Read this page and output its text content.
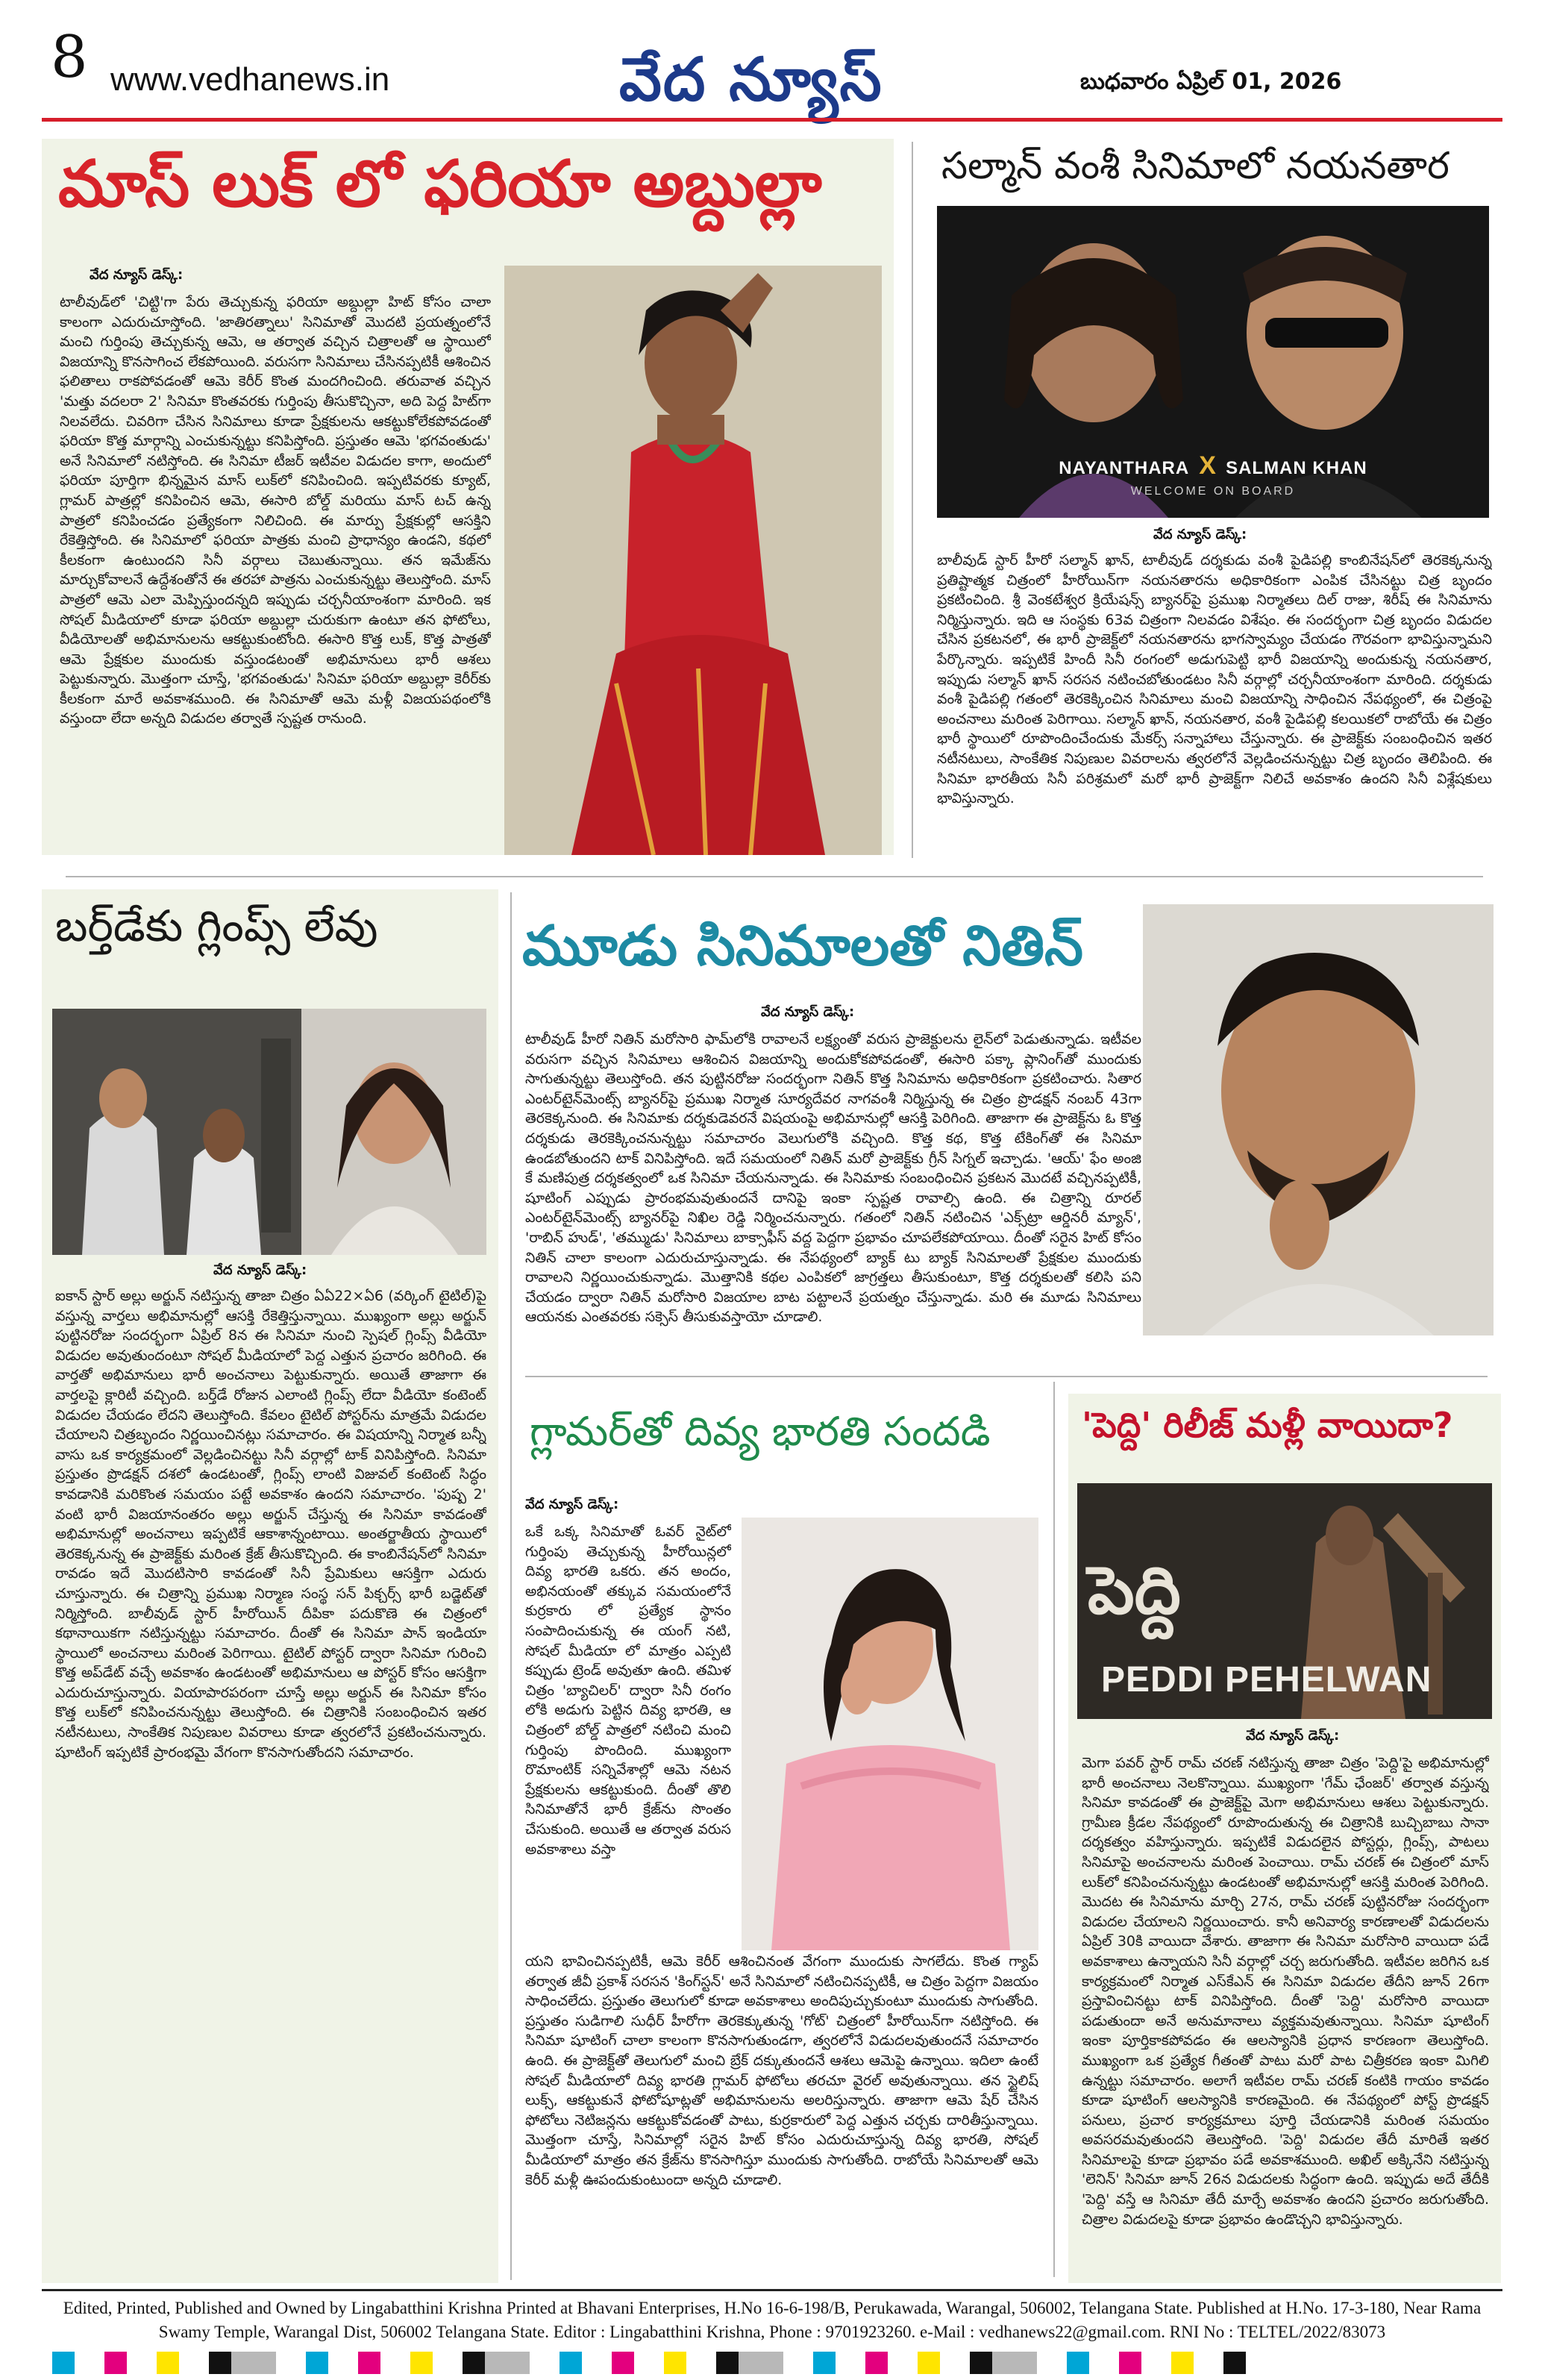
8 www.vedhanews.in	వేద న్యూస్	బుధవారం ఏప్రిల్ 01, 2026
మాస్ లుక్ లో ఫరియా అబ్దుల్లా
వేద న్యూస్ డెస్క్:
టాలీవుడ్‌లో 'చిట్టి'గా పేరు తెచ్చుకున్న ఫరియా అబ్దుల్లా హిట్ కోసం చాలా కాలంగా ఎదురుచూస్తోంది. 'జాతిరత్నాలు' సినిమాతో మొదటి ప్రయత్నంలోనే మంచి గుర్తింపు తెచ్చుకున్న ఆమె, ఆ తర్వాత వచ్చిన చిత్రాలతో ఆ స్థాయిలో విజయాన్ని కొనసాగించ లేకపోయింది. వరుసగా సినిమాలు చేసినప్పటికీ ఆశించిన ఫలితాలు రాకపోవడంతో ఆమె కెరీర్ కొంత మందగించింది. తరువాత వచ్చిన 'మత్తు వదలరా 2' సినిమా కొంతవరకు గుర్తింపు తీసుకొచ్చినా, అది పెద్ద హిట్‌గా నిలవలేదు. చివరిగా చేసిన సినిమాలు కూడా ప్రేక్షకులను ఆకట్టుకోలేకపోవడంతో ఫరియా కొత్త మార్గాన్ని ఎంచుకున్నట్టు కనిపిస్తోంది. ప్రస్తుతం ఆమె 'భగవంతుడు' అనే సినిమాలో నటిస్తోంది. ఈ సినిమా టీజర్ ఇటీవల విడుదల కాగా, అందులో ఫరియా పూర్తిగా భిన్నమైన మాస్ లుక్‌లో కనిపించింది. ఇప్పటివరకు క్యూట్, గ్లామర్ పాత్రల్లో కనిపించిన ఆమె, ఈసారి బోల్డ్ మరియు మాస్ టచ్ ఉన్న పాత్రలో కనిపించడం ప్రత్యేకంగా నిలిచింది. ఈ మార్పు ప్రేక్షకుల్లో ఆసక్తిని రేకెత్తిస్తోంది. ఈ సినిమాలో ఫరియా పాత్రకు మంచి ప్రాధాన్యం ఉండని, కథలో కీలకంగా ఉంటుందని సినీ వర్గాలు చెబుతున్నాయి. తన ఇమేజ్‌ను మార్చుకోవాలనే ఉద్దేశంతోనే ఈ తరహా పాత్రను ఎంచుకున్నట్టు తెలుస్తోంది. మాస్ పాత్రలో ఆమె ఎలా మెప్పిస్తుందన్నది ఇప్పుడు చర్చనీయాంశంగా మారింది. ఇక సోషల్ మీడియాలో కూడా ఫరియా అబ్దుల్లా చురుకుగా ఉంటూ తన ఫోటోలు, వీడియోలతో అభిమానులను ఆకట్టుకుంటోంది. ఈసారి కొత్త లుక్, కొత్త పాత్రతో ఆమె ప్రేక్షకుల ముందుకు వస్తుండటంతో అభిమానులు భారీ ఆశలు పెట్టుకున్నారు. మొత్తంగా చూస్తే, 'భగవంతుడు' సినిమా ఫరియా అబ్దుల్లా కెరీర్‌కు కీలకంగా మారే అవకాశముంది. ఈ సినిమాతో ఆమె మళ్లీ విజయపథంలోకి వస్తుందా లేదా అన్నది విడుదల తర్వాతే స్పష్టత రానుంది.
సల్మాన్ వంశీ సినిమాలో నయనతార
NAYANTHARA X SALMAN KHAN
WELCOME ON BOARD
వేద న్యూస్ డెస్క్:
బాలీవుడ్ స్టార్ హీరో సల్మాన్ ఖాన్, టాలీవుడ్ దర్శకుడు వంశీ పైడిపల్లి కాంబినేషన్‌లో తెరకెక్కనున్న ప్రతిష్టాత్మక చిత్రంలో హీరోయిన్‌గా నయనతారను అధికారికంగా ఎంపిక చేసినట్టు చిత్ర బృందం ప్రకటించింది. శ్రీ వెంకటేశ్వర క్రియేషన్స్ బ్యానర్‌పై ప్రముఖ నిర్మాతలు దిల్ రాజు, శిరీష్ ఈ సినిమాను నిర్మిస్తున్నారు. ఇది ఆ సంస్థకు 63వ చిత్రంగా నిలవడం విశేషం. ఈ సందర్భంగా చిత్ర బృందం విడుదల చేసిన ప్రకటనలో, ఈ భారీ ప్రాజెక్ట్‌లో నయనతారను భాగస్వామ్యం చేయడం గౌరవంగా భావిస్తున్నామని పేర్కొన్నారు. ఇప్పటికే హిందీ సినీ రంగంలో అడుగుపెట్టి భారీ విజయాన్ని అందుకున్న నయనతార, ఇప్పుడు సల్మాన్ ఖాన్ సరసన నటించబోతుండటం సినీ వర్గాల్లో చర్చనీయాంశంగా మారింది. దర్శకుడు వంశీ పైడిపల్లి గతంలో తెరకెక్కించిన సినిమాలు మంచి విజయాన్ని సాధించిన నేపథ్యంలో, ఈ చిత్రంపై అంచనాలు మరింత పెరిగాయి. సల్మాన్ ఖాన్, నయనతార, వంశీ పైడిపల్లి కలయికలో రాబోయే ఈ చిత్రం భారీ స్థాయిలో రూపొందించేందుకు మేకర్స్ సన్నాహాలు చేస్తున్నారు. ఈ ప్రాజెక్ట్‌కు సంబంధించిన ఇతర నటీనటులు, సాంకేతిక నిపుణుల వివరాలను త్వరలోనే వెల్లడించనున్నట్టు చిత్ర బృందం తెలిపింది. ఈ సినిమా భారతీయ సినీ పరిశ్రమలో మరో భారీ ప్రాజెక్ట్‌గా నిలిచే అవకాశం ఉందని సినీ విశ్లేషకులు భావిస్తున్నారు.
బర్త్‌డేకు గ్లింప్స్ లేవు
వేద న్యూస్ డెస్క్:
ఐకాన్ స్టార్ అల్లు అర్జున్ నటిస్తున్న తాజా చిత్రం ఏఏ22×ఏ6 (వర్కింగ్ టైటిల్)పై వస్తున్న వార్తలు అభిమానుల్లో ఆసక్తి రేకెత్తిస్తున్నాయి. ముఖ్యంగా అల్లు అర్జున్ పుట్టినరోజు సందర్భంగా ఏప్రిల్ 8న ఈ సినిమా నుంచి స్పెషల్ గ్లింప్స్ వీడియో విడుదల అవుతుందంటూ సోషల్ మీడియాలో పెద్ద ఎత్తున ప్రచారం జరిగింది. ఈ వార్తతో అభిమానులు భారీ అంచనాలు పెట్టుకున్నారు. అయితే తాజాగా ఈ వార్తలపై క్లారిటీ వచ్చింది. బర్త్‌డే రోజున ఎలాంటి గ్లింప్స్ లేదా వీడియో కంటెంట్ విడుదల చేయడం లేదని తెలుస్తోంది. కేవలం టైటిల్ పోస్టర్‌ను మాత్రమే విడుదల చేయాలని చిత్రబృందం నిర్ణయించినట్లు సమాచారం. ఈ విషయాన్ని నిర్మాత బన్నీ వాసు ఒక కార్యక్రమంలో వెల్లడించినట్టు సినీ వర్గాల్లో టాక్ వినిపిస్తోంది. సినిమా ప్రస్తుతం ప్రొడక్షన్ దశలో ఉండటంతో, గ్లింప్స్ లాంటి విజువల్ కంటెంట్ సిద్ధం కావడానికి మరికొంత సమయం పట్టే అవకాశం ఉందని సమాచారం. 'పుష్ప 2' వంటి భారీ విజయానంతరం అల్లు అర్జున్ చేస్తున్న ఈ సినిమా కావడంతో అభిమానుల్లో అంచనాలు ఇప్పటికే ఆకాశాన్నంటాయి. అంతర్జాతీయ స్థాయిలో తెరకెక్కనున్న ఈ ప్రాజెక్ట్‌కు మరింత క్రేజ్ తీసుకొచ్చింది. ఈ కాంబినేషన్‌లో సినిమా రావడం ఇదే మొదటిసారి కావడంతో సినీ ప్రేమికులు ఆసక్తిగా ఎదురు చూస్తున్నారు. ఈ చిత్రాన్ని ప్రముఖ నిర్మాణ సంస్థ సన్ పిక్చర్స్ భారీ బడ్జెట్‌తో నిర్మిస్తోంది. బాలీవుడ్ స్టార్ హీరోయిన్ దీపికా పదుకొణె ఈ చిత్రంలో కథానాయికగా నటిస్తున్నట్టు సమాచారం. దీంతో ఈ సినిమా పాన్ ఇండియా స్థాయిలో అంచనాలు మరింత పెరిగాయి. టైటిల్ పోస్టర్ ద్వారా సినిమా గురించి కొత్త అప్‌డేట్ వచ్చే అవకాశం ఉండటంతో అభిమానులు ఆ పోస్టర్ కోసం ఆసక్తిగా ఎదురుచూస్తున్నారు. వియాపారపరంగా చూస్తే అల్లు అర్జున్ ఈ సినిమా కోసం కొత్త లుక్‌లో కనిపించనున్నట్టు తెలుస్తోంది. ఈ చిత్రానికి సంబంధించిన ఇతర నటీనటులు, సాంకేతిక నిపుణుల వివరాలు కూడా త్వరలోనే ప్రకటించనున్నారు. షూటింగ్ ఇప్పటికే ప్రారంభమై వేగంగా కొనసాగుతోందని సమాచారం.
మూడు సినిమాలతో నితిన్
వేద న్యూస్ డెస్క్:
టాలీవుడ్ హీరో నితిన్ మరోసారి ఫామ్‌లోకి రావాలనే లక్ష్యంతో వరుస ప్రాజెక్టులను లైన్‌లో పెడుతున్నాడు. ఇటీవల వరుసగా వచ్చిన సినిమాలు ఆశించిన విజయాన్ని అందుకోకపోవడంతో, ఈసారి పక్కా ప్లానింగ్‌తో ముందుకు సాగుతున్నట్టు తెలుస్తోంది. తన పుట్టినరోజు సందర్భంగా నితిన్ కొత్త సినిమాను అధికారికంగా ప్రకటించారు. సితార ఎంటర్‌టైన్‌మెంట్స్ బ్యానర్‌పై ప్రముఖ నిర్మాత సూర్యదేవర నాగవంశీ నిర్మిస్తున్న ఈ చిత్రం ప్రొడక్షన్ నంబర్ 43గా తెరకెక్కనుంది. ఈ సినిమాకు దర్శకుడెవరనే విషయంపై అభిమానుల్లో ఆసక్తి పెరిగింది. తాజాగా ఈ ప్రాజెక్ట్‌ను ఓ కొత్త దర్శకుడు తెరకెక్కించనున్నట్టు సమాచారం వెలుగులోకి వచ్చింది. కొత్త కథ, కొత్త టేకింగ్‌తో ఈ సినిమా ఉండబోతుందని టాక్ వినిపిస్తోంది. ఇదే సమయంలో నితిన్ మరో ప్రాజెక్ట్‌కు గ్రీన్ సిగ్నల్ ఇచ్చాడు. 'ఆయ్' ఫేం అంజి కే మణిపుత్ర దర్శకత్వంలో ఒక సినిమా చేయనున్నాడు. ఈ సినిమాకు సంబంధించిన ప్రకటన మొదటే వచ్చినప్పటికీ, షూటింగ్ ఎప్పుడు ప్రారంభమవుతుందనే దానిపై ఇంకా స్పష్టత రావాల్సి ఉంది. ఈ చిత్రాన్ని రూరల్ ఎంటర్‌టైన్‌మెంట్స్ బ్యానర్‌పై నిఖిల రెడ్డి నిర్మించనున్నారు. గతంలో నితిన్ నటించిన 'ఎక్స్‌ట్రా ఆర్డినరీ మ్యాన్', 'రాబిన్ హుడ్', 'తమ్ముడు' సినిమాలు బాక్సాఫీస్ వద్ద పెద్దగా ప్రభావం చూపలేకపోయాయి. దీంతో సరైన హిట్ కోసం నితిన్ చాలా కాలంగా ఎదురుచూస్తున్నాడు. ఈ నేపథ్యంలో బ్యాక్ టు బ్యాక్ సినిమాలతో ప్రేక్షకుల ముందుకు రావాలని నిర్ణయించుకున్నాడు. మొత్తానికి కథల ఎంపికలో జాగ్రత్తలు తీసుకుంటూ, కొత్త దర్శకులతో కలిసి పని చేయడం ద్వారా నితిన్ మరోసారి విజయాల బాట పట్టాలనే ప్రయత్నం చేస్తున్నాడు. మరి ఈ మూడు సినిమాలు ఆయనకు ఎంతవరకు సక్సెస్ తీసుకువస్తాయో చూడాలి.
గ్లామర్‌తో దివ్య భారతి సందడి
వేద న్యూస్ డెస్క్:
ఒకే ఒక్క సినిమాతో ఓవర్ నైట్‌లో గుర్తింపు తెచ్చుకున్న హీరోయిన్లలో దివ్య భారతి ఒకరు. తన అందం, అభినయంతో తక్కువ సమయంలోనే కుర్రకారు లో ప్రత్యేక స్థానం సంపాదించుకున్న ఈ యంగ్ నటి, సోషల్ మీడియా లో మాత్రం ఎప్పటి కప్పుడు ట్రెండ్ అవుతూ ఉంది. తమిళ చిత్రం 'బ్యాచిలర్' ద్వారా సినీ రంగం లోకి అడుగు పెట్టిన దివ్య భారతి, ఆ చిత్రంలో బోల్డ్ పాత్రలో నటించి మంచి గుర్తింపు పొందింది. ముఖ్యంగా రొమాంటిక్ సన్నివేశాల్లో ఆమె నటన ప్రేక్షకులను ఆకట్టుకుంది. దీంతో తొలి సినిమాతోనే భారీ క్రేజ్‌ను సొంతం చేసుకుంది. అయితే ఆ తర్వాత వరుస అవకాశాలు వస్తా
యని భావించినప్పటికీ, ఆమె కెరీర్ ఆశించినంత వేగంగా ముందుకు సాగలేదు. కొంత గ్యాప్ తర్వాత జీవీ ప్రకాశ్ సరసన 'కింగ్‌స్టన్' అనే సినిమాలో నటించినప్పటికీ, ఆ చిత్రం పెద్దగా విజయం సాధించలేదు. ప్రస్తుతం తెలుగులో కూడా అవకాశాలు అందిపుచ్చుకుంటూ ముందుకు సాగుతోంది. ప్రస్తుతం సుడిగాలి సుధీర్ హీరోగా తెరకెక్కుతున్న 'గోట్' చిత్రంలో హీరోయిన్‌గా నటిస్తోంది. ఈ సినిమా షూటింగ్ చాలా కాలంగా కొనసాగుతుండగా, త్వరలోనే విడుదలవుతుందనే సమాచారం ఉంది. ఈ ప్రాజెక్ట్‌తో తెలుగులో మంచి బ్రేక్ దక్కుతుందనే ఆశలు ఆమెపై ఉన్నాయి. ఇదిలా ఉంటే సోషల్ మీడియాలో దివ్య భారతి గ్లామర్ ఫోటోలు తరచూ వైరల్ అవుతున్నాయి. తన స్టైలిష్ లుక్స్, ఆకట్టుకునే ఫోటోషూట్లతో అభిమానులను అలరిస్తున్నారు. తాజాగా ఆమె షేర్ చేసిన ఫోటోలు నెటిజన్లను ఆకట్టుకోవడంతో పాటు, కుర్రకారులో పెద్ద ఎత్తున చర్చకు దారితీస్తున్నాయి. మొత్తంగా చూస్తే, సినిమాల్లో సరైన హిట్ కోసం ఎదురుచూస్తున్న దివ్య భారతి, సోషల్ మీడియాలో మాత్రం తన క్రేజ్‌ను కొనసాగిస్తూ ముందుకు సాగుతోంది. రాబోయే సినిమాలతో ఆమె కెరీర్ మళ్లీ ఊపందుకుంటుందా అన్నది చూడాలి.
'పెద్ది' రిలీజ్ మళ్లీ వాయిదా?
పెద్ది
PEDDI PEHELWAN
వేద న్యూస్ డెస్క్:
మెగా పవర్ స్టార్ రామ్ చరణ్ నటిస్తున్న తాజా చిత్రం 'పెద్ది'పై అభిమానుల్లో భారీ అంచనాలు నెలకొన్నాయి. ముఖ్యంగా 'గేమ్ ఛేంజర్' తర్వాత వస్తున్న సినిమా కావడంతో ఈ ప్రాజెక్ట్‌పై మెగా అభిమానులు ఆశలు పెట్టుకున్నారు. గ్రామీణ క్రీడల నేపథ్యంలో రూపొందుతున్న ఈ చిత్రానికి బుచ్చిబాబు సానా దర్శకత్వం వహిస్తున్నారు. ఇప్పటికే విడుదలైన పోస్టర్లు, గ్లింప్స్, పాటలు సినిమాపై అంచనాలను మరింత పెంచాయి. రామ్ చరణ్ ఈ చిత్రంలో మాస్ లుక్‌లో కనిపించనున్నట్టు ఉండటంతో అభిమానుల్లో ఆసక్తి మరింత పెరిగింది. మొదట ఈ సినిమాను మార్చి 27న, రామ్ చరణ్ పుట్టినరోజు సందర్భంగా విడుదల చేయాలని నిర్ణయించారు. కానీ అనివార్య కారణాలతో విడుదలను ఏప్రిల్ 30కి వాయిదా వేశారు. తాజాగా ఈ సినిమా మరోసారి వాయిదా పడే అవకాశాలు ఉన్నాయని సినీ వర్గాల్లో చర్చ జరుగుతోంది. ఇటీవల జరిగిన ఒక కార్యక్రమంలో నిర్మాత ఎస్‌కేఎన్ ఈ సినిమా విడుదల తేదీని జూన్ 26గా ప్రస్తావించినట్టు టాక్ వినిపిస్తోంది. దీంతో 'పెద్ది' మరోసారి వాయిదా పడుతుందా అనే అనుమానాలు వ్యక్తమవుతున్నాయి. సినిమా షూటింగ్ ఇంకా పూర్తికాకపోవడం ఈ ఆలస్యానికి ప్రధాన కారణంగా తెలుస్తోంది. ముఖ్యంగా ఒక ప్రత్యేక గీతంతో పాటు మరో పాట చిత్రీకరణ ఇంకా మిగిలి ఉన్నట్టు సమాచారం. అలాగే ఇటీవల రామ్ చరణ్ కంటికి గాయం కావడం కూడా షూటింగ్ ఆలస్యానికి కారణమైంది. ఈ నేపథ్యంలో పోస్ట్ ప్రొడక్షన్ పనులు, ప్రచార కార్యక్రమాలు పూర్తి చేయడానికి మరింత సమయం అవసరమవుతుందని తెలుస్తోంది. 'పెద్ది' విడుదల తేదీ మారితే ఇతర సినిమాలపై కూడా ప్రభావం పడే అవకాశముంది. అఖిల్ అక్కినేని నటిస్తున్న 'లెనిన్' సినిమా జూన్ 26న విడుదలకు సిద్ధంగా ఉంది. ఇప్పుడు అదే తేదీకి 'పెద్ది' వస్తే ఆ సినిమా తేదీ మార్చే అవకాశం ఉందని ప్రచారం జరుగుతోంది. చిత్రాల విడుదలపై కూడా ప్రభావం ఉండొచ్చని భావిస్తున్నారు.
Edited, Printed, Published and Owned by Lingabatthini Krishna Printed at Bhavani Enterprises, H.No 16-6-198/B, Perukawada, Warangal, 506002, Telangana State. Published at H.No. 17-3-180, Near Rama
Swamy Temple, Warangal Dist, 506002 Telangana State. Editor : Lingabatthini Krishna, Phone : 9701923260. e-Mail : vedhanews22@gmail.com. RNI No : TELTEL/2022/83073
